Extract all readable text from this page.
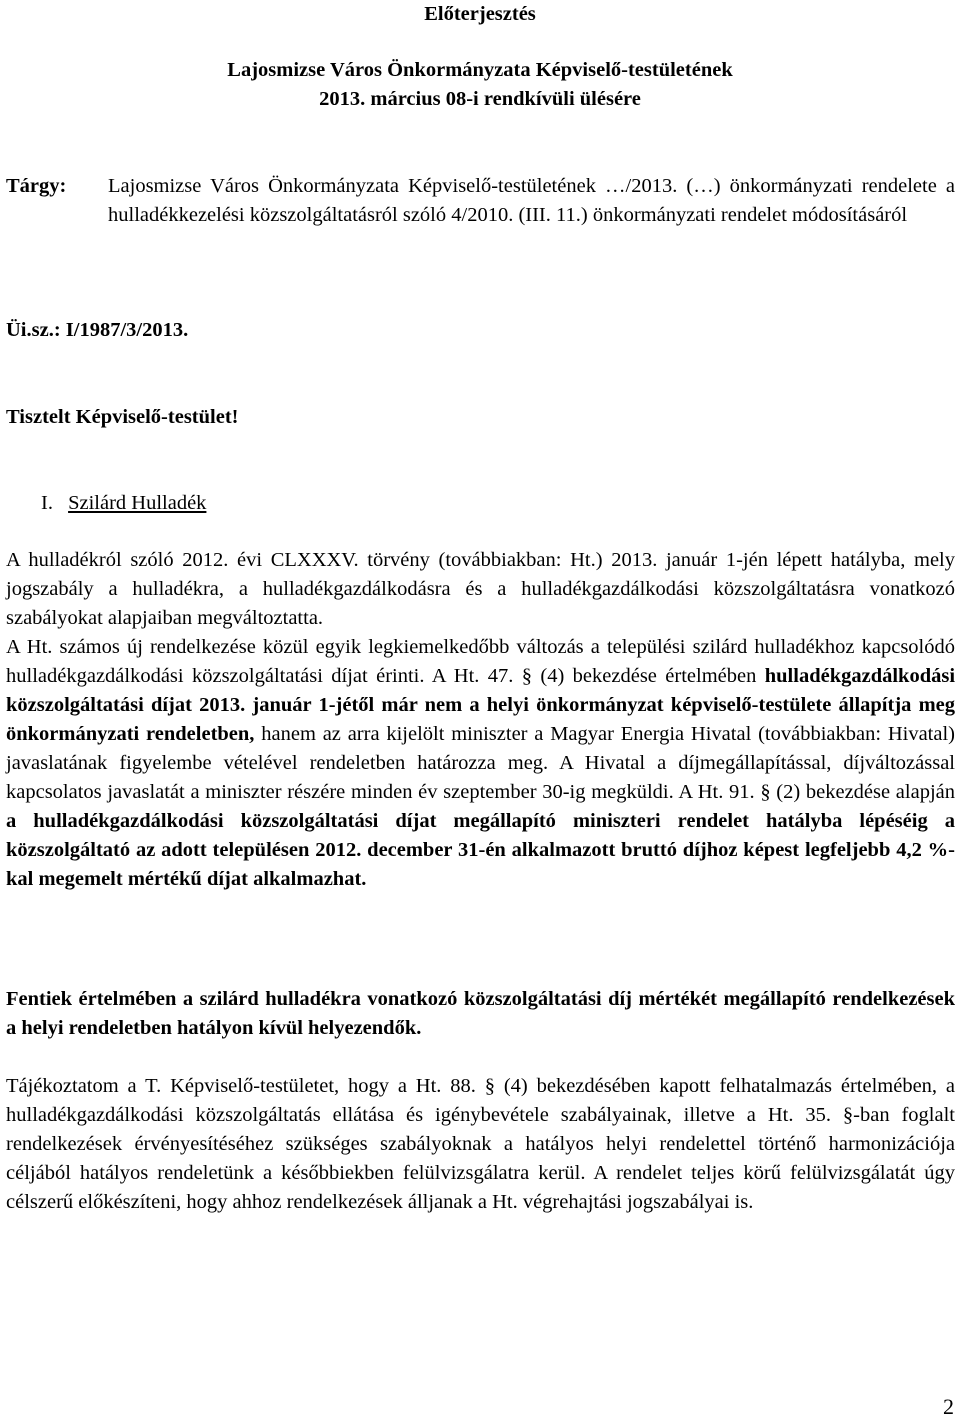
Előterjesztés
Lajosmizse Város Önkormányzata Képviselő-testületének
2013. március 08-i rendkívüli ülésére
Tárgy: Lajosmizse Város Önkormányzata Képviselő-testületének …/2013. (…) önkormányzati rendelete a hulladékkezelési közszolgáltatásról szóló 4/2010. (III. 11.) önkormányzati rendelet módosításáról
Üi.sz.: I/1987/3/2013.
Tisztelt Képviselő-testület!
I. Szilárd Hulladék

A hulladékról szóló 2012. évi CLXXXV. törvény (továbbiakban: Ht.) 2013. január 1-jén lépett hatályba, mely jogszabály a hulladékra, a hulladékgazdálkodásra és a hulladékgazdálkodási közszolgáltatásra vonatkozó szabályokat alapjaiban megváltoztatta.

A Ht. számos új rendelkezése közül egyik legkiemelkedőbb változás a települési szilárd hulladékhoz kapcsolódó hulladékgazdálkodási közszolgáltatási díjat érinti. A Ht. 47. § (4) bekezdése értelmében hulladékgazdálkodási közszolgáltatási díjat 2013. január 1-jétől már nem a helyi önkormányzat képviselő-testülete állapítja meg önkormányzati rendeletben, hanem az arra kijelölt miniszter a Magyar Energia Hivatal (továbbiakban: Hivatal) javaslatának figyelembe vételével rendeletben határozza meg. A Hivatal a díjmegállapítással, díjváltozással kapcsolatos javaslatát a miniszter részére minden év szeptember 30-ig megküldi. A Ht. 91. § (2) bekezdése alapján a hulladékgazdálkodási közszolgáltatási díjat megállapító miniszteri rendelet hatályba lépéséig a közszolgáltató az adott településen 2012. december 31-én alkalmazott bruttó díjhoz képest legfeljebb 4,2 %-kal megemelt mértékű díjat alkalmazhat.

Fentiek értelmében a szilárd hulladékra vonatkozó közszolgáltatási díj mértékét megállapító rendelkezések a helyi rendeletben hatályon kívül helyezendők.
Tájékoztatom a T. Képviselő-testületet, hogy a Ht. 88. § (4) bekezdésében kapott felhatalmazás értelmében, a hulladékgazdálkodási közszolgáltatás ellátása és igénybevétele szabályainak, illetve a Ht. 35. §-ban foglalt rendelkezések érvényesítéséhez szükséges szabályoknak a hatályos helyi rendelettel történő harmonizációja céljából hatályos rendeletünk a későbbiekben felülvizsgálatra kerül. A rendelet teljes körű felülvizsgálatát úgy célszerű előkészíteni, hogy ahhoz rendelkezések álljanak a Ht. végrehajtási jogszabályai is.
2
